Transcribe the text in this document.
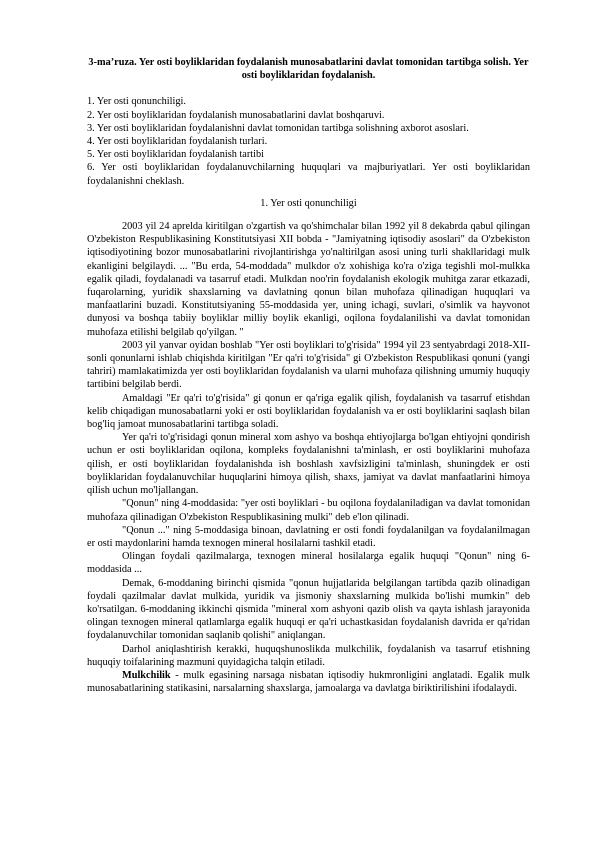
3-ma’ruza. Yer osti boyliklaridan foydalanish munosabatlarini davlat tomonidan tartibga solish. Yer osti boyliklaridan foydalanish.
1. Yer osti qonunchiligi.
2. Yer osti boyliklaridan foydalanish munosabatlarini davlat boshqaruvi.
3. Yer osti boyliklaridan foydalanishni davlat tomonidan tartibga solishning axborot asoslari.
4. Yer osti boyliklaridan foydalanish turlari.
5. Yer osti boyliklaridan foydalanish tartibi
6. Yer osti boyliklaridan foydalanuvchilarning huquqlari va majburiyatlari. Yer osti boyliklaridan foydalanishni cheklash.
1. Yer osti qonunchiligi

2003 yil 24 aprelda kiritilgan o'zgartish va qo'shimchalar bilan 1992 yil 8 dekabrda qabul qilingan O'zbekiston Respublikasining Konstitutsiyasi XII bobda - "Jamiyatning iqtisodiy asoslari" da O'zbekiston iqtisodiyotining bozor munosabatlarini rivojlantirishga yo'naltirilgan asosi uning turli shakllaridagi mulk ekanligini belgilaydi. ... "Bu erda, 54-moddada" mulkdor o'z xohishiga ko'ra o'ziga tegishli mol-mulkka egalik qiladi, foydalanadi va tasarruf etadi. Mulkdan noo'rin foydalanish ekologik muhitga zarar etkazadi, fuqarolarning, yuridik shaxslarning va davlatning qonun bilan muhofaza qilinadigan huquqlari va manfaatlarini buzadi. Konstitutsiyaning 55-moddasida yer, uning ichagi, suvlari, o'simlik va hayvonot dunyosi va boshqa tabiiy boyliklar milliy boylik ekanligi, oqilona foydalanilishi va davlat tomonidan muhofaza etilishi belgilab qo'yilgan. "

2003 yil yanvar oyidan boshlab "Yer osti boyliklari to'g'risida" 1994 yil 23 sentyabrdagi 2018-XII-sonli qonunlarni ishlab chiqishda kiritilgan "Er qa'ri to'g'risida" gi O'zbekiston Respublikasi qonuni (yangi tahriri) mamlakatimizda yer osti boyliklaridan foydalanish va ularni muhofaza qilishning umumiy huquqiy tartibini belgilab berdi.

Amaldagi "Er qa'ri to'g'risida" gi qonun er qa'riga egalik qilish, foydalanish va tasarruf etishdan kelib chiqadigan munosabatlarni yoki er osti boyliklaridan foydalanish va er osti boyliklarini saqlash bilan bog'liq jamoat munosabatlarini tartibga soladi.

Yer qa'ri to'g'risidagi qonun mineral xom ashyo va boshqa ehtiyojlarga bo'lgan ehtiyojni qondirish uchun er osti boyliklaridan oqilona, kompleks foydalanishni ta'minlash, er osti boyliklarini muhofaza qilish, er osti boyliklaridan foydalanishda ish boshlash xavfsizligini ta'minlash, shuningdek er osti boyliklaridan foydalanuvchilar huquqlarini himoya qilish, shaxs, jamiyat va davlat manfaatlarini himoya qilish uchun mo'ljallangan.

"Qonun" ning 4-moddasida: "yer osti boyliklari - bu oqilona foydalaniladigan va davlat tomonidan muhofaza qilinadigan O'zbekiston Respublikasining mulki" deb e'lon qilinadi.

"Qonun ..." ning 5-moddasiga binoan, davlatning er osti fondi foydalanilgan va foydalanilmagan er osti maydonlarini hamda texnogen mineral hosilalarni tashkil etadi.

Olingan foydali qazilmalarga, texnogen mineral hosilalarga egalik huquqi "Qonun" ning 6-moddasida ...

Demak, 6-moddaning birinchi qismida "qonun hujjatlarida belgilangan tartibda qazib olinadigan foydali qazilmalar davlat mulkida, yuridik va jismoniy shaxslarning mulkida bo'lishi mumkin" deb ko'rsatilgan. 6-moddaning ikkinchi qismida "mineral xom ashyoni qazib olish va qayta ishlash jarayonida olingan texnogen mineral qatlamlarga egalik huquqi er qa'ri uchastkasidan foydalanish davrida er qa'ridan foydalanuvchilar tomonidan saqlanib qolishi" aniqlangan.

Darhol aniqlashtirish kerakki, huquqshunoslikda mulkchilik, foydalanish va tasarruf etishning huquqiy toifalarining mazmuni quyidagicha talqin etiladi.

Mulkchilik - mulk egasining narsaga nisbatan iqtisodiy hukmronligini anglatadi. Egalik mulk munosabatlarining statikasini, narsalarning shaxslarga, jamoalarga va davlatga biriktirilishini ifodalaydi.
